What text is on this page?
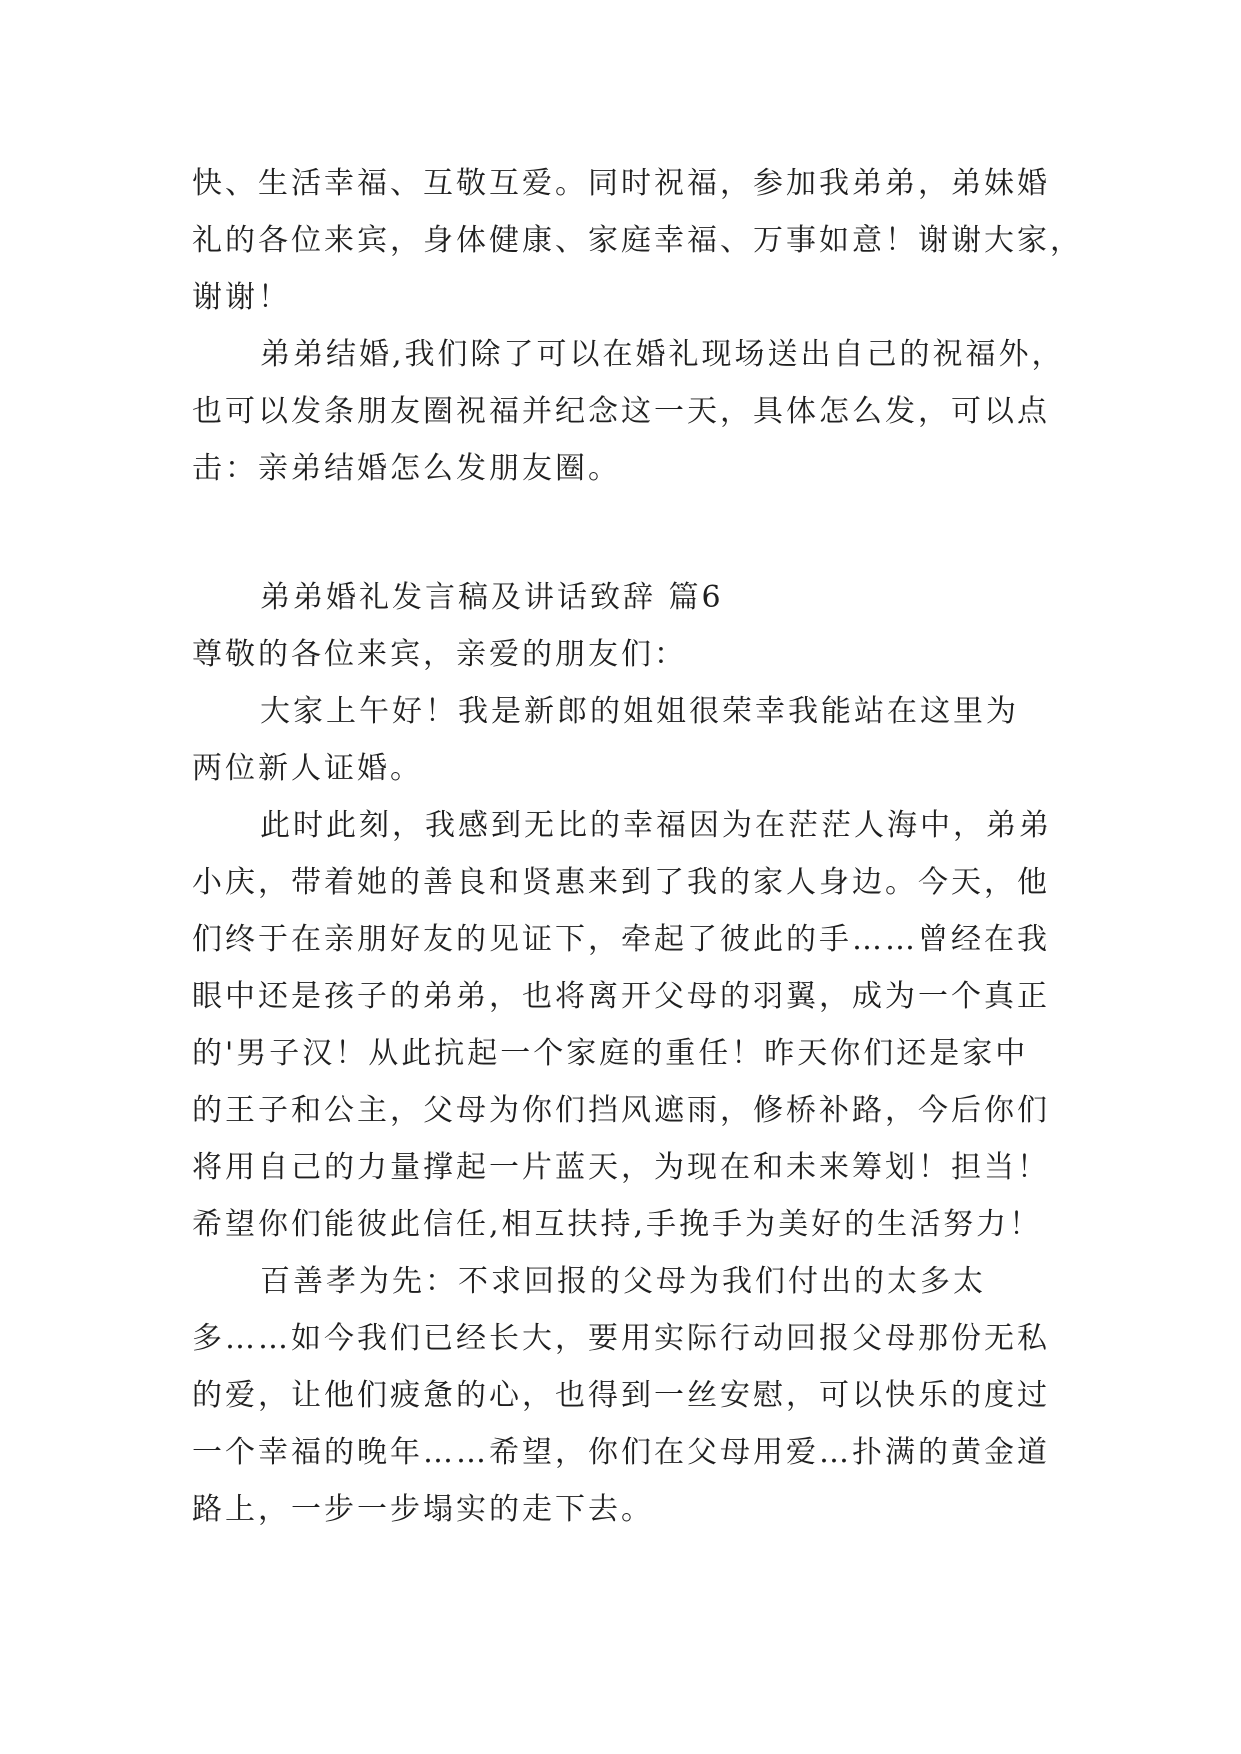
快、生活幸福、互敬互爱。同时祝福，参加我弟弟，弟妹婚
礼的各位来宾，身体健康、家庭幸福、万事如意！谢谢大家，
谢谢！
弟弟结婚,我们除了可以在婚礼现场送出自己的祝福外，
也可以发条朋友圈祝福并纪念这一天，具体怎么发，可以点
击：亲弟结婚怎么发朋友圈。
弟弟婚礼发言稿及讲话致辞 篇6
尊敬的各位来宾，亲爱的朋友们：
大家上午好！我是新郎的姐姐很荣幸我能站在这里为
两位新人证婚。
此时此刻，我感到无比的幸福因为在茫茫人海中，弟弟
小庆，带着她的善良和贤惠来到了我的家人身边。今天，他
们终于在亲朋好友的见证下，牵起了彼此的手……曾经在我
眼中还是孩子的弟弟，也将离开父母的羽翼，成为一个真正
的'男子汉！从此抗起一个家庭的重任！昨天你们还是家中
的王子和公主，父母为你们挡风遮雨，修桥补路，今后你们
将用自己的力量撑起一片蓝天，为现在和未来筹划！担当！
希望你们能彼此信任,相互扶持,手挽手为美好的生活努力！
百善孝为先：不求回报的父母为我们付出的太多太
多……如今我们已经长大，要用实际行动回报父母那份无私
的爱，让他们疲惫的心，也得到一丝安慰，可以快乐的度过
一个幸福的晚年……希望，你们在父母用爱…扑满的黄金道
路上，一步一步塌实的走下去。
